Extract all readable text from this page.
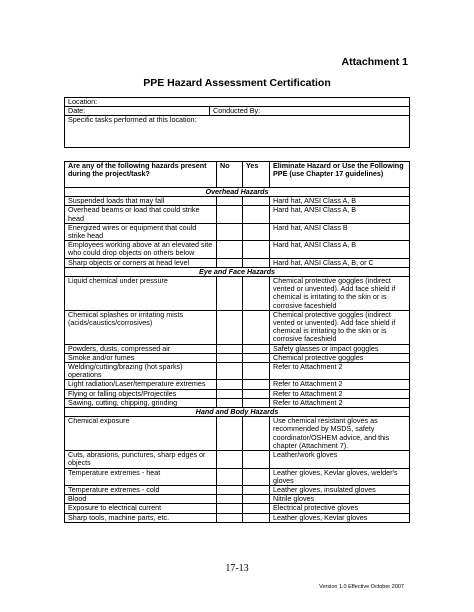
Attachment 1
PPE Hazard Assessment Certification
Location:
Date:	Conducted By:
Specific tasks performed at this location:
Are any of the following hazards present during the project/task?	No	Yes	Eliminate Hazard or Use the Following PPE (use Chapter 17 guidelines)
Overhead Hazards			
Suspended loads that may fall			Hard hat, ANSI Class A, B
Overhead beams or load that could strike head			Hard hat, ANSI Class A, B
Energized wires or equipment that could strike head			Hard hat, ANSI Class B
Employees working above at an elevated site who could drop objects on others below			Hard hat, ANSI Class A, B
Sharp objects or corners at head level			Hard hat, ANSI Class A, B, or C
Eye and Face Hazards			
Liquid chemical under pressure			Chemical protective goggles (indirect vented or unvented). Add face shield if chemical is irritating to the skin or is corrosive faceshield
Chemical splashes or irritating mists (acids/caustics/corrosives)			Chemical protective goggles (indirect vented or unvented). Add face shield if chemical is irritating to the skin or is corrosive faceshield
Powders, dusts, compressed air			Safety glasses or impact goggles
Smoke and/or fumes			Chemical protective goggles
Welding/cutting/brazing (hot sparks) operations			Refer to Attachment 2
Light radiation/Laser/temperature extremes			Refer to Attachment 2
Flying or falling objects/Projectiles			Refer to Attachment 2
Sawing, cutting, chipping, grinding			Refer to Attachment 2
Hand and Body Hazards			
Chemical exposure			Use chemical resistant gloves as recommended by MSDS, safety coordinator/OSHEM advice, and this chapter (Attachment 7).
Cuts, abrasions, punctures, sharp edges or objects			Leather/work gloves
Temperature extremes - heat			Leather gloves, Kevlar gloves, welder's gloves
Temperature extremes - cold			Leather gloves, insulated gloves
Blood			Nitrile gloves
Exposure to electrical current			Electrical protective gloves
Sharp tools, machine parts, etc.			Leather gloves, Kevlar gloves
17-13
Version 1.0 Effective October 2007
